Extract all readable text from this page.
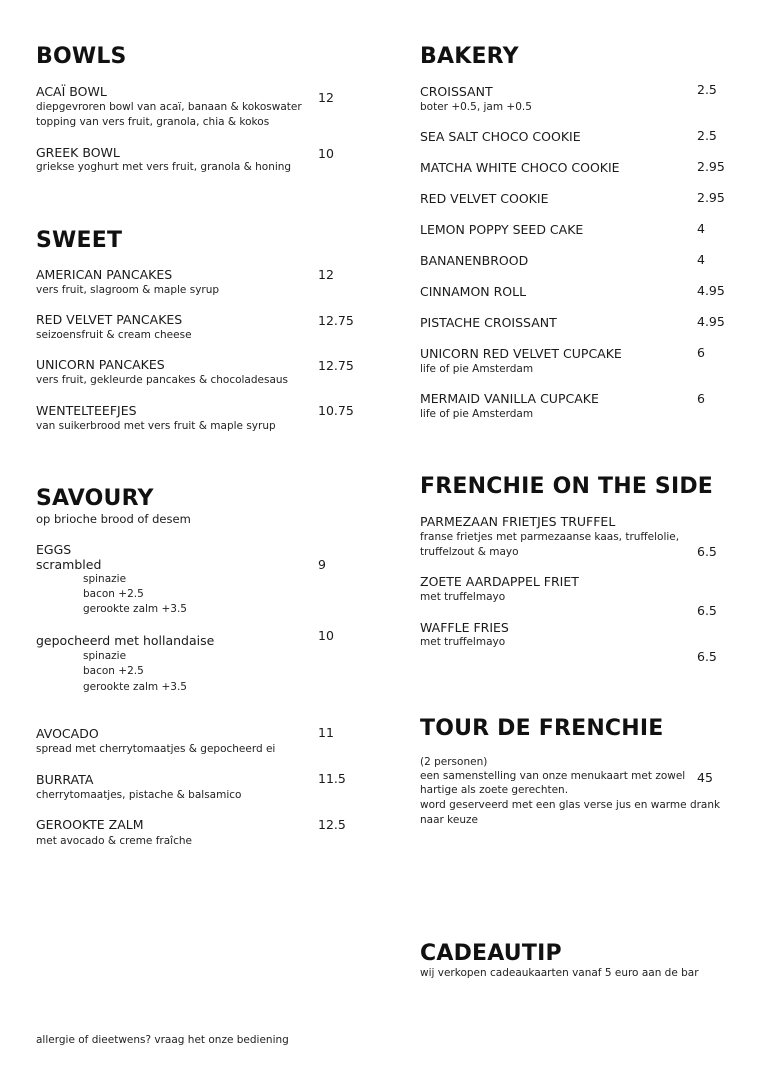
BOWLS
ACAÏ BOWL
diepgevroren bowl van acaï, banaan & kokoswater
topping van vers fruit, granola, chia & kokos
12
GREEK BOWL
griekse yoghurt met vers fruit, granola & honing
10
SWEET
AMERICAN PANCAKES
vers fruit, slagroom & maple syrup
12
RED VELVET PANCAKES
seizoensfruit & cream cheese
12.75
UNICORN PANCAKES
vers fruit, gekleurde pancakes & chocoladesaus
12.75
WENTELTEEFJES
van suikerbrood met vers fruit & maple syrup
10.75
SAVOURY
op brioche brood of desem
EGGS
scrambled	9
spinazie
bacon +2.5
gerookte zalm +3.5
gepocheerd met hollandaise	10
spinazie
bacon +2.5
gerookte zalm +3.5
AVOCADO
spread met cherrytomaatjes & gepocheerd ei
11
BURRATA
cherrytomaatjes, pistache & balsamico
11.5
GEROOKTE ZALM
met avocado & creme fraîche
12.5
allergie of dieetwens? vraag het onze bediening
BAKERY
CROISSANT
boter +0.5, jam +0.5
2.5
SEA SALT CHOCO COOKIE	2.5
MATCHA WHITE CHOCO COOKIE	2.95
RED VELVET COOKIE	2.95
LEMON POPPY SEED CAKE	4
BANANENBROOD	4
CINNAMON ROLL	4.95
PISTACHE CROISSANT	4.95
UNICORN RED VELVET CUPCAKE
life of pie Amsterdam
6
MERMAID VANILLA CUPCAKE
life of pie Amsterdam
6
FRENCHIE ON THE SIDE
PARMEZAAN FRIETJES TRUFFEL
franse frietjes met parmezaanse kaas, truffelolie,
truffelzout & mayo	6.5
ZOETE AARDAPPEL FRIET
met truffelmayo
6.5
WAFFLE FRIES
met truffelmayo
6.5
TOUR DE FRENCHIE
(2 personen)
een samenstelling van onze menukaart met zowel
hartige als zoete gerechten.
word geserveerd met een glas verse jus en warme drank
naar keuze
45
CADEAUTIP
wij verkopen cadeaukaarten vanaf 5 euro aan de bar
